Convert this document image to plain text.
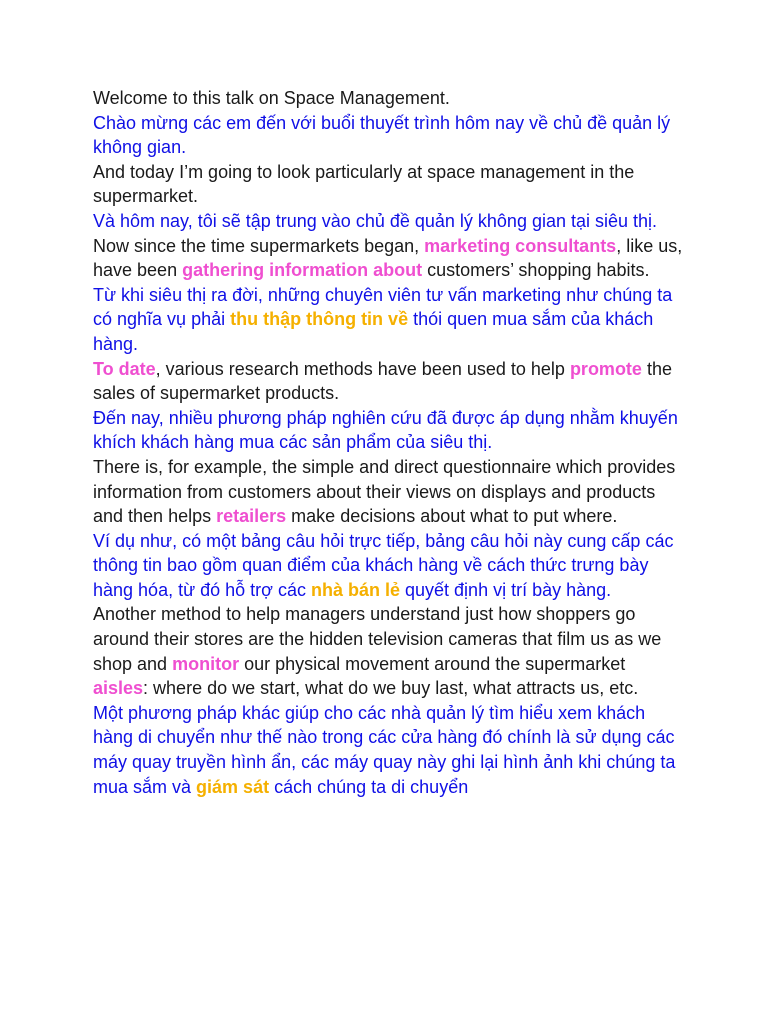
Welcome to this talk on Space Management.

Chào mừng các em đến với buổi thuyết trình hôm nay về chủ đề quản lý không gian.

And today I’m going to look particularly at space management in the supermarket.

Và hôm nay, tôi sẽ tập trung vào chủ đề quản lý không gian tại siêu thị.

Now since the time supermarkets began, marketing consultants, like us, have been gathering information about customers’ shopping habits.

Từ khi siêu thị ra đời, những chuyên viên tư vấn marketing như chúng ta có nghĩa vụ phải thu thập thông tin về thói quen mua sắm của khách hàng.

To date, various research methods have been used to help promote the sales of supermarket products.

Đến nay, nhiều phương pháp nghiên cứu đã được áp dụng nhằm khuyến khích khách hàng mua các sản phẩm của siêu thị.

There is, for example, the simple and direct questionnaire which provides information from customers about their views on displays and products and then helps retailers make decisions about what to put where.

Ví dụ như, có một bảng câu hỏi trực tiếp, bảng câu hỏi này cung cấp các thông tin bao gồm quan điểm của khách hàng về cách thức trưng bày hàng hóa, từ đó hỗ trợ các nhà bán lẻ quyết định vị trí bày hàng.

Another method to help managers understand just how shoppers go around their stores are the hidden television cameras that film us as we shop and monitor our physical movement around the supermarket aisles: where do we start, what do we buy last, what attracts us, etc.

Một phương pháp khác giúp cho các nhà quản lý tìm hiểu xem khách hàng di chuyển như thế nào trong các cửa hàng đó chính là sử dụng các máy quay truyền hình ẩn, các máy quay này ghi lại hình ảnh khi chúng ta mua sắm và giám sát cách chúng ta di chuyển
